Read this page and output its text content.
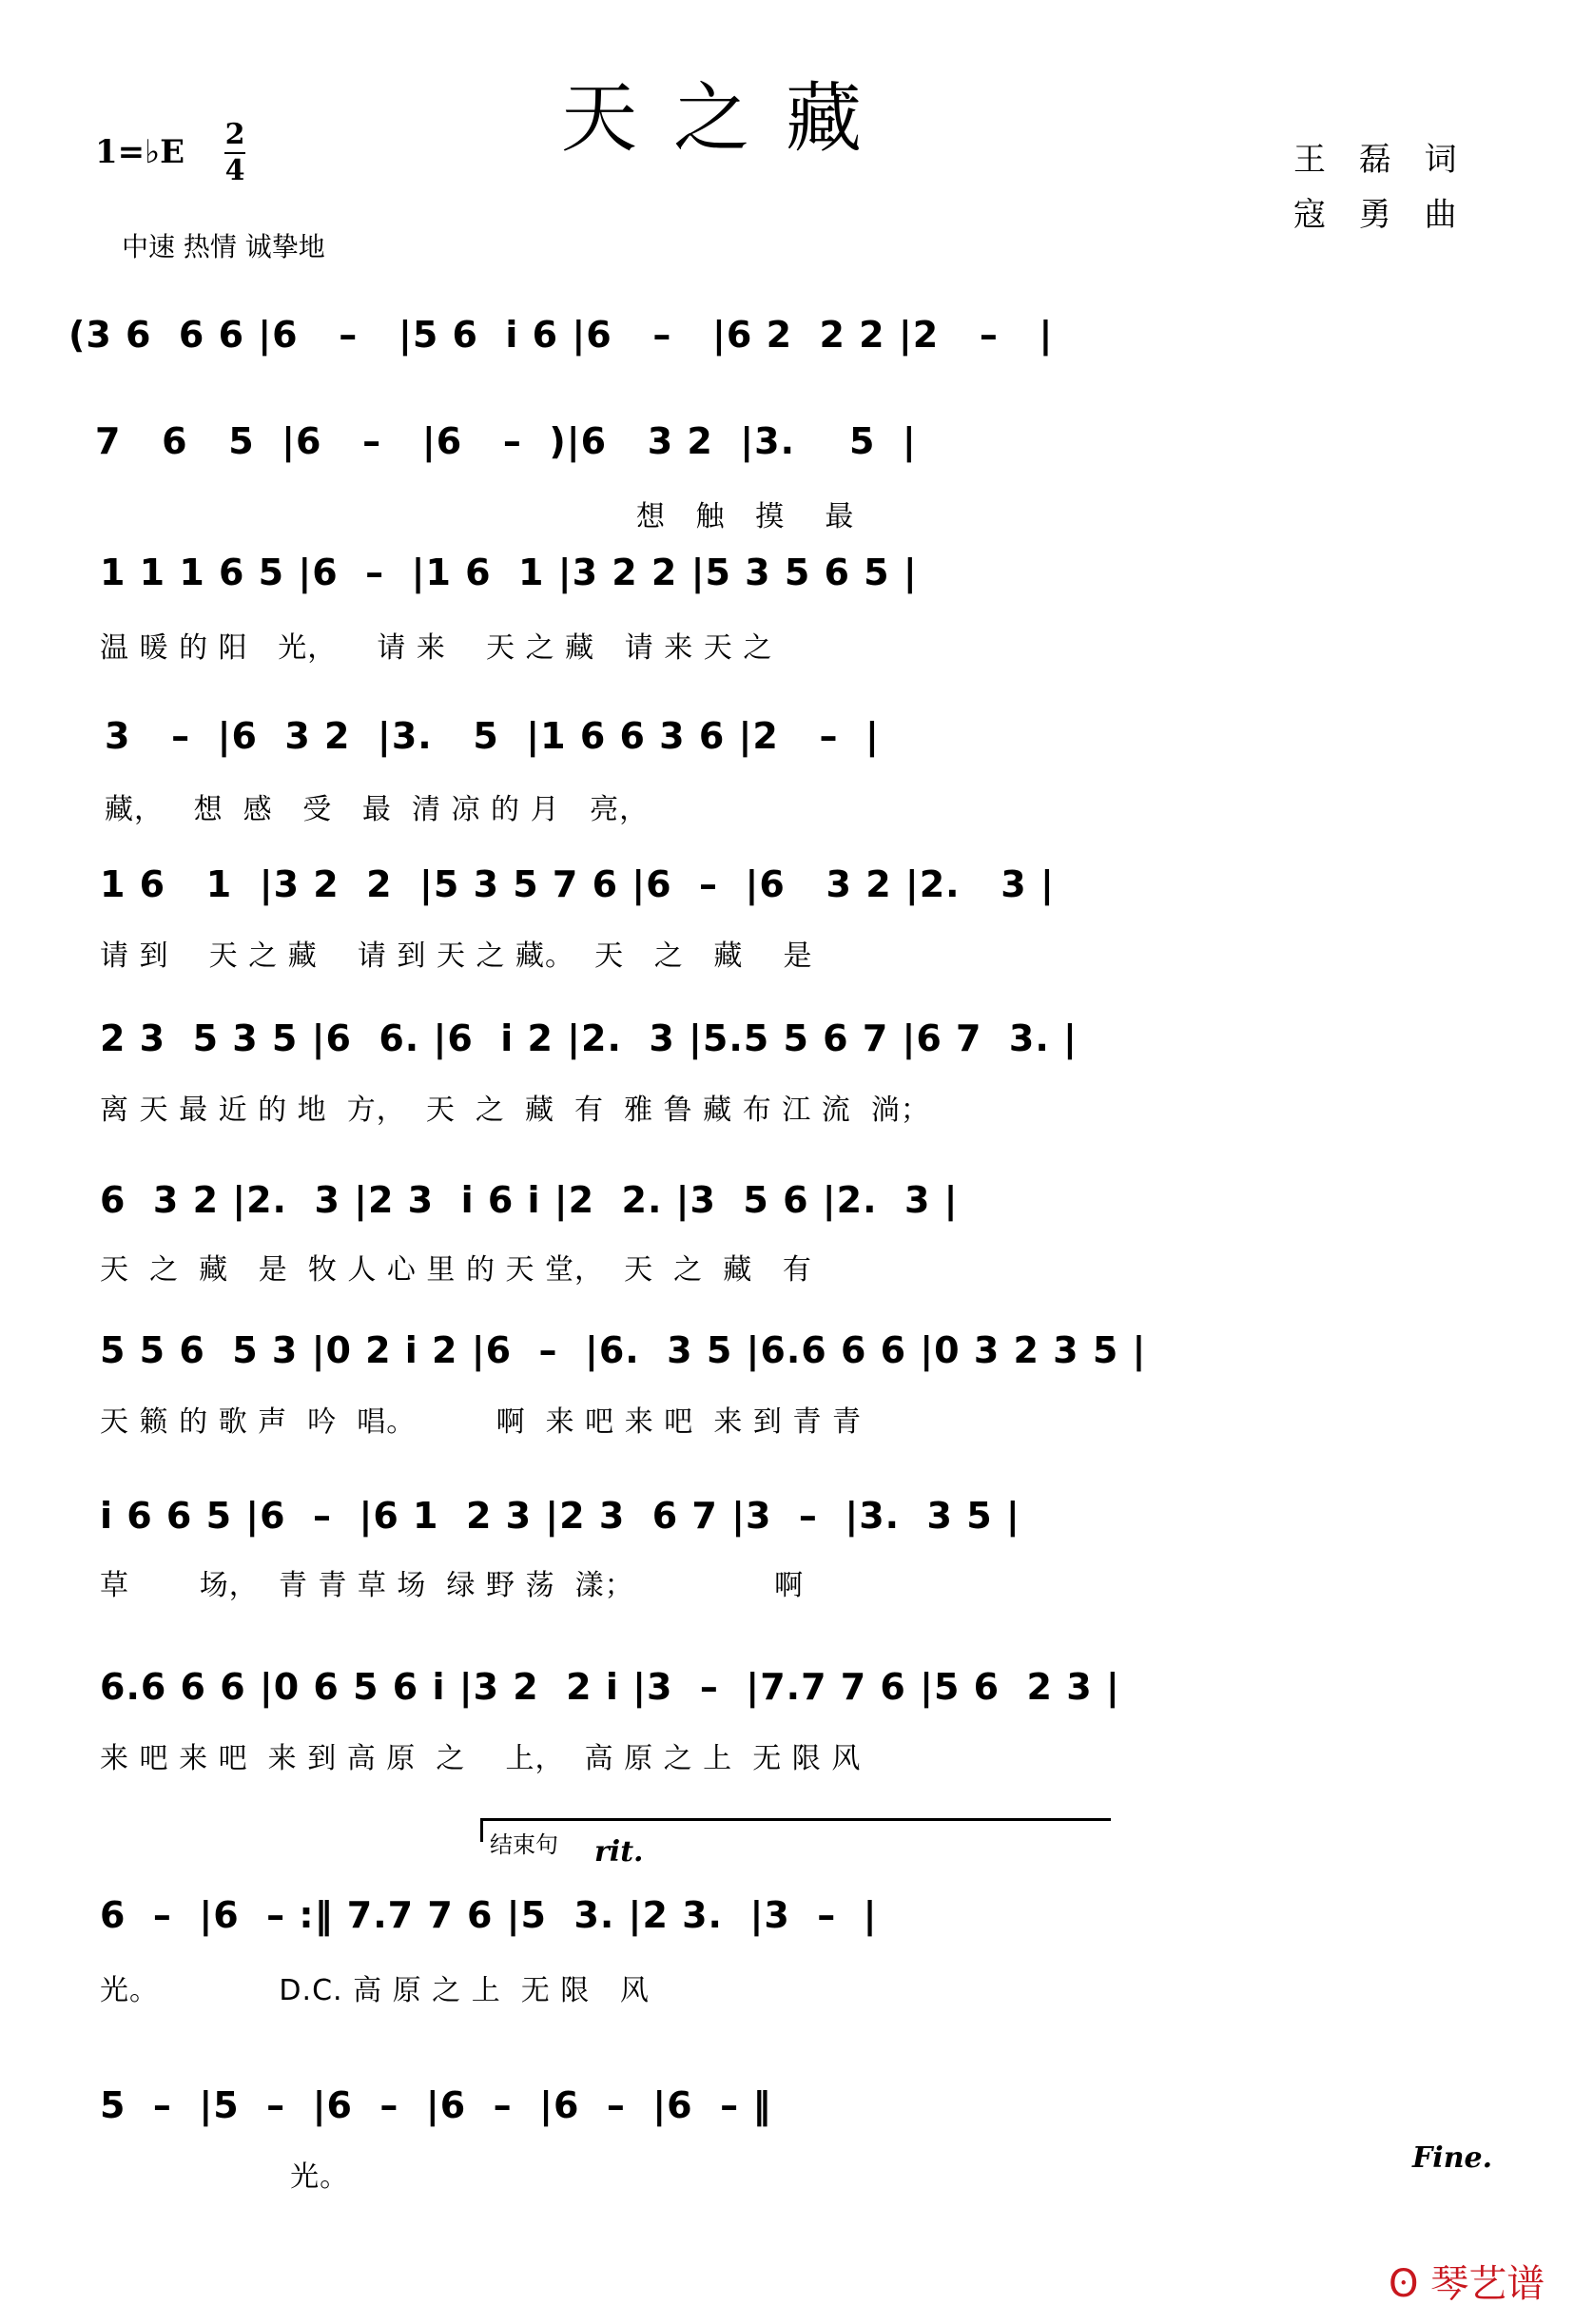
天之藏
1=♭E 2
4
中速 热情 诚挚地
王 磊 词
寇 勇 曲
(3 6  6 6 |6   –   |5 6  i 6 |6   –   |6 2  2 2 |2   –   |
7   6   5  |6   –   |6   –  )|6   3 2  |3.    5  |
想   触   摸    最
1 1 1 6 5 |6  –  |1 6  1 |3 2 2 |5 3 5 6 5 |
温 暖 的 阳   光，    请 来    天 之 藏   请 来 天 之
3   –  |6  3 2  |3.   5  |1 6 6 3 6 |2   –  |
藏，   想  感   受   最  清 凉 的 月   亮，
1 6   1  |3 2  2  |5 3 5 7 6 |6  –  |6   3 2 |2.   3 |
请 到    天 之 藏    请 到 天 之 藏。  天   之   藏    是
2 3  5 3 5 |6  6. |6  i 2 |2.  3 |5.5 5 6 7 |6 7  3. |
离 天 最 近 的 地  方，  天  之  藏  有  雅 鲁 藏 布 江 流  淌；
6  3 2 |2.  3 |2 3  i 6 i |2  2. |3  5 6 |2.  3 |
天  之  藏   是  牧 人 心 里 的 天 堂，  天  之  藏   有
5 5 6  5 3 |0 2 i 2 |6  –  |6.  3 5 |6.6 6 6 |0 3 2 3 5 |
天 籁 的 歌 声  吟  唱。        啊  来 吧 来 吧  来 到 青 青
i 6 6 5 |6  –  |6 1  2 3 |2 3  6 7 |3  –  |3.  3 5 |
草       场，  青 青 草 场  绿 野 荡  漾；              啊
6.6 6 6 |0 6 5 6 i |3 2  2 i |3  –  |7.7 7 6 |5 6  2 3 |
来 吧 来 吧  来 到 高 原  之    上，  高 原 之 上  无 限 风
结束句 rit.
6  –  |6  – :‖ 7.7 7 6 |5  3. |2 3.  |3  –  |
光。            D.C. 高 原 之 上  无 限   风
5  –  |5  –  |6  –  |6  –  |6  –  |6  – ‖
光。
Fine.
ʘ 琴艺谱
